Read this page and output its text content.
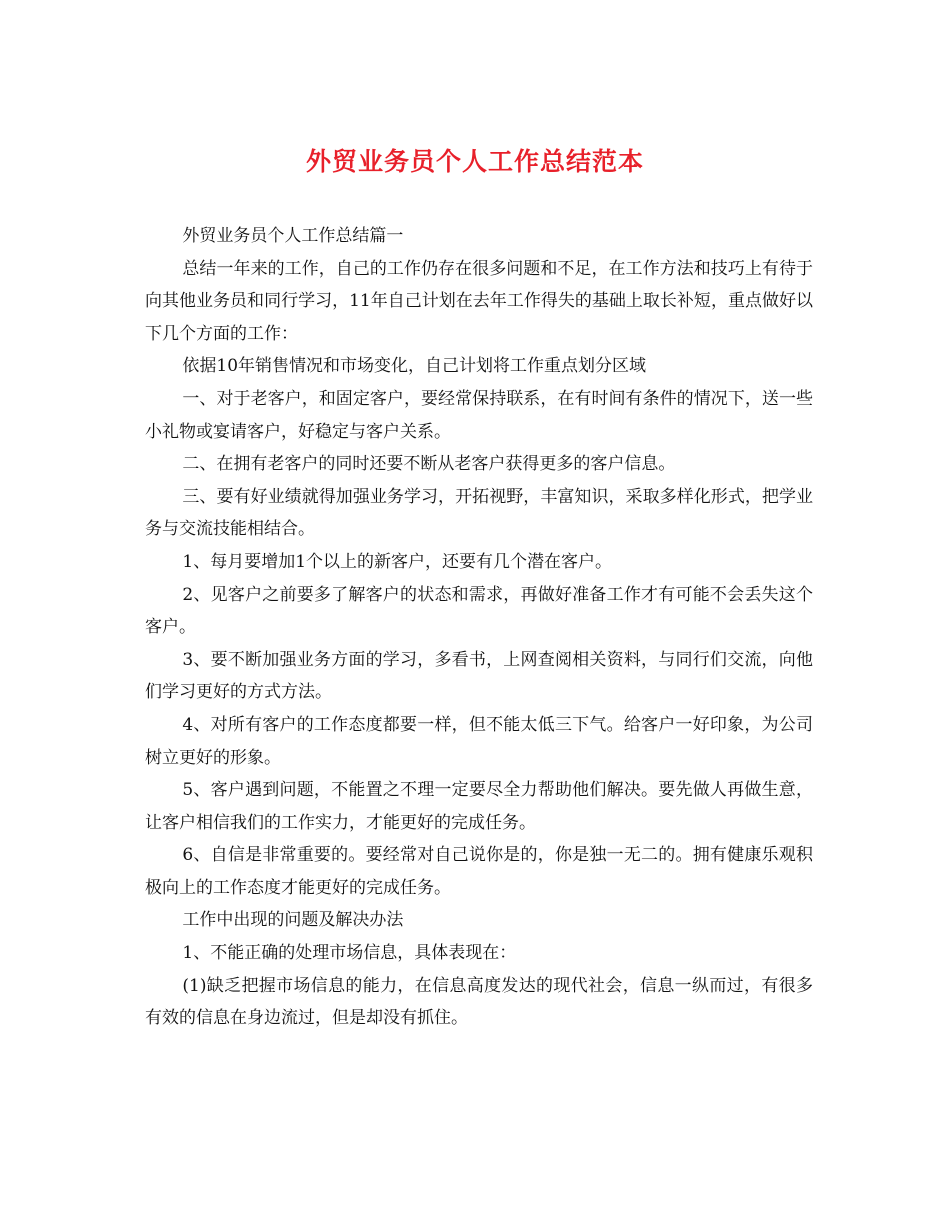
外贸业务员个人工作总结范本

外贸业务员个人工作总结篇一

总结一年来的工作，自己的工作仍存在很多问题和不足，在工作方法和技巧上有待于向其他业务员和同行学习，11年自己计划在去年工作得失的基础上取长补短，重点做好以下几个方面的工作：

依据10年销售情况和市场变化，自己计划将工作重点划分区域

一、对于老客户，和固定客户，要经常保持联系，在有时间有条件的情况下，送一些小礼物或宴请客户，好稳定与客户关系。

二、在拥有老客户的同时还要不断从老客户获得更多的客户信息。

三、要有好业绩就得加强业务学习，开拓视野，丰富知识，采取多样化形式，把学业务与交流技能相结合。

1、每月要增加1个以上的新客户，还要有几个潜在客户。

2、见客户之前要多了解客户的状态和需求，再做好准备工作才有可能不会丢失这个客户。

3、要不断加强业务方面的学习，多看书，上网查阅相关资料，与同行们交流，向他们学习更好的方式方法。

4、对所有客户的工作态度都要一样，但不能太低三下气。给客户一好印象，为公司树立更好的形象。

5、客户遇到问题，不能置之不理一定要尽全力帮助他们解决。要先做人再做生意，让客户相信我们的工作实力，才能更好的完成任务。

6、自信是非常重要的。要经常对自己说你是的，你是独一无二的。拥有健康乐观积极向上的工作态度才能更好的完成任务。

工作中出现的问题及解决办法

1、不能正确的处理市场信息，具体表现在：

(1)缺乏把握市场信息的能力，在信息高度发达的现代社会，信息一纵而过，有很多有效的信息在身边流过，但是却没有抓住。
